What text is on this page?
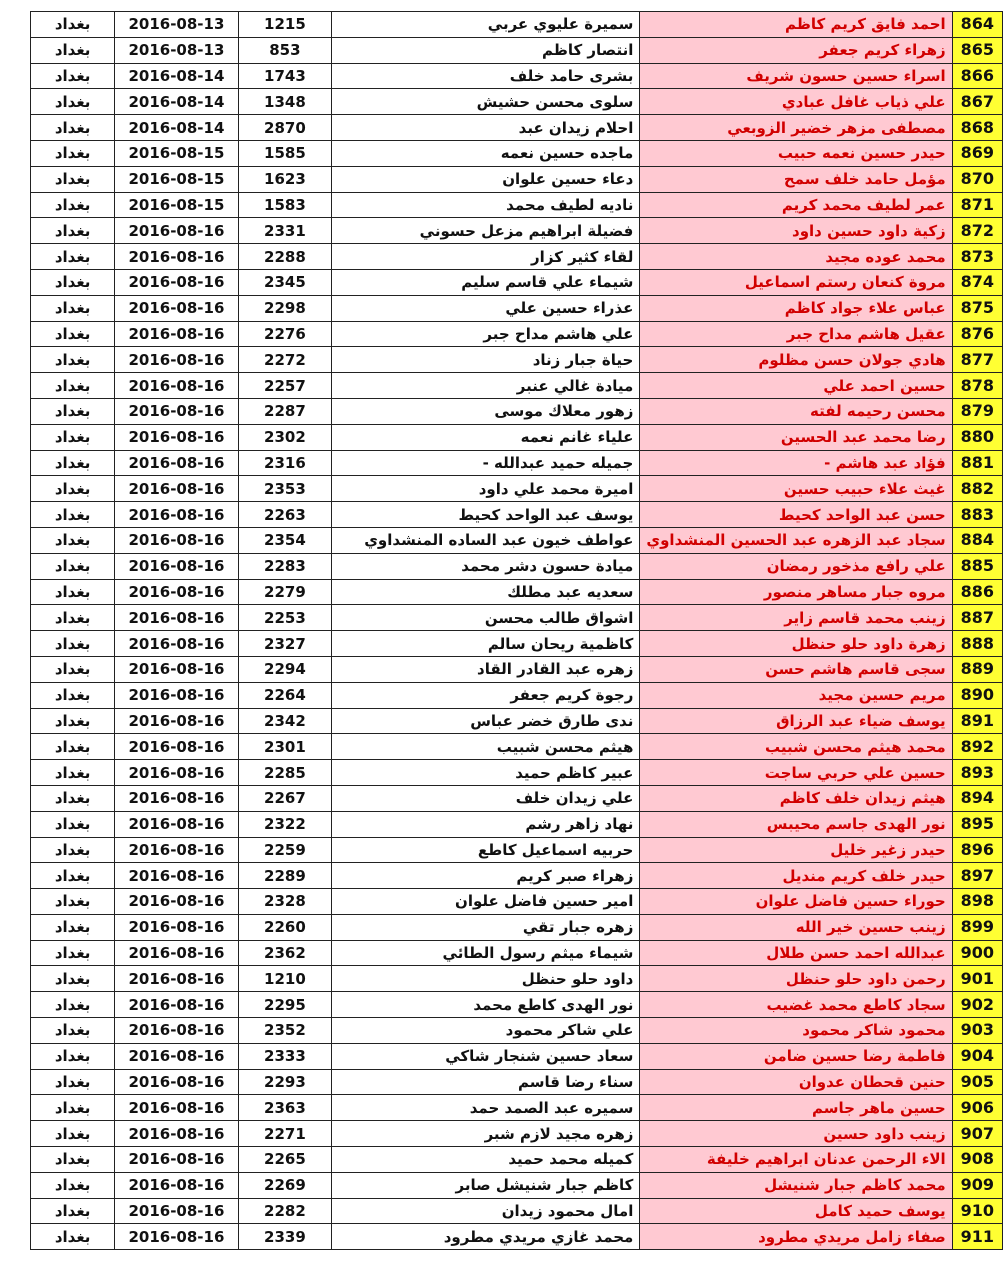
بغداد	2016-08-13	1215	سميرة عليوي عربي	احمد فايق كريم كاظم	864
بغداد	2016-08-13	853	انتصار كاظم	زهراء كريم جعفر	865
بغداد	2016-08-14	1743	بشرى حامد خلف	اسراء حسين حسون شريف	866
بغداد	2016-08-14	1348	سلوى محسن حشيش	علي ذياب غافل عبادي	867
بغداد	2016-08-14	2870	احلام زيدان عبد	مصطفى مزهر خضير الزوبعي	868
بغداد	2016-08-15	1585	ماجده حسين نعمه	حيدر حسين نعمه حبيب	869
بغداد	2016-08-15	1623	دعاء حسين علوان	مؤمل حامد خلف سمح	870
بغداد	2016-08-15	1583	ناديه لطيف محمد	عمر لطيف محمد كريم	871
بغداد	2016-08-16	2331	فضيلة ابراهيم مزعل حسوني	زكية داود حسين داود	872
بغداد	2016-08-16	2288	لقاء كثير كزار	محمد عوده مجيد	873
بغداد	2016-08-16	2345	شيماء علي قاسم سليم	مروة كنعان رستم اسماعيل	874
بغداد	2016-08-16	2298	عذراء حسين علي	عباس علاء جواد كاظم	875
بغداد	2016-08-16	2276	علي هاشم مداح جبر	عقيل هاشم مداح جبر	876
بغداد	2016-08-16	2272	حياة جبار زناد	هادي جولان حسن مظلوم	877
بغداد	2016-08-16	2257	ميادة غالي عنبر	حسين احمد علي	878
بغداد	2016-08-16	2287	زهور معلاك موسى	محسن رحيمه لفته	879
بغداد	2016-08-16	2302	علياء غانم نعمه	رضا محمد عبد الحسين	880
بغداد	2016-08-16	2316	جميله حميد عبدالله -	فؤاد عبد هاشم -	881
بغداد	2016-08-16	2353	اميرة محمد علي داود	غيث علاء حبيب حسين	882
بغداد	2016-08-16	2263	يوسف عبد الواحد كحيط	حسن عبد الواحد كحيط	883
بغداد	2016-08-16	2354	عواطف خيون عبد الساده المنشداوي	سجاد عبد الزهره عبد الحسين المنشداوي	884
بغداد	2016-08-16	2283	ميادة حسون دشر محمد	علي رافع مذخور رمضان	885
بغداد	2016-08-16	2279	سعديه عبد مطلك	مروه جبار مساهر منصور	886
بغداد	2016-08-16	2253	اشواق طالب محسن	زينب محمد قاسم زاير	887
بغداد	2016-08-16	2327	كاظمية ريحان سالم	زهرة داود حلو حنظل	888
بغداد	2016-08-16	2294	زهره عبد القادر القاد	سجى قاسم هاشم حسن	889
بغداد	2016-08-16	2264	رجوة كريم جعفر	مريم حسين مجيد	890
بغداد	2016-08-16	2342	ندى طارق خضر عباس	يوسف ضياء عبد الرزاق	891
بغداد	2016-08-16	2301	هيثم محسن شبيب	محمد هيثم محسن شبيب	892
بغداد	2016-08-16	2285	عبير كاظم حميد	حسين علي حربي ساجت	893
بغداد	2016-08-16	2267	علي زيدان خلف	هيثم زيدان خلف كاظم	894
بغداد	2016-08-16	2322	نهاد زاهر رشم	نور الهدى جاسم محيبس	895
بغداد	2016-08-16	2259	حربيه اسماعيل كاطع	حيدر زغير خليل	896
بغداد	2016-08-16	2289	زهراء صبر كريم	حيدر خلف كريم منديل	897
بغداد	2016-08-16	2328	امير حسين فاضل علوان	حوراء حسين فاضل علوان	898
بغداد	2016-08-16	2260	زهره جبار تقي	زينب حسين خير الله	899
بغداد	2016-08-16	2362	شيماء ميثم رسول الطائي	عبدالله احمد حسن طلال	900
بغداد	2016-08-16	1210	داود حلو حنظل	رحمن داود حلو حنظل	901
بغداد	2016-08-16	2295	نور الهدى كاطع محمد	سجاد كاطع محمد غضيب	902
بغداد	2016-08-16	2352	علي شاكر محمود	محمود شاكر محمود	903
بغداد	2016-08-16	2333	سعاد حسين شنجار شاكي	فاطمة رضا حسين ضامن	904
بغداد	2016-08-16	2293	سناء رضا قاسم	حنين قحطان عدوان	905
بغداد	2016-08-16	2363	سميره عبد الصمد حمد	حسين ماهر جاسم	906
بغداد	2016-08-16	2271	زهره مجيد لازم شبر	زينب داود حسين	907
بغداد	2016-08-16	2265	كميله محمد حميد	الاء الرحمن عدنان ابراهيم خليفة	908
بغداد	2016-08-16	2269	كاظم جبار شنيشل صابر	محمد كاظم جبار شنيشل	909
بغداد	2016-08-16	2282	امال محمود زيدان	يوسف حميد كامل	910
بغداد	2016-08-16	2339	محمد غازي مريدي مطرود	صفاء زامل مريدي مطرود	911
